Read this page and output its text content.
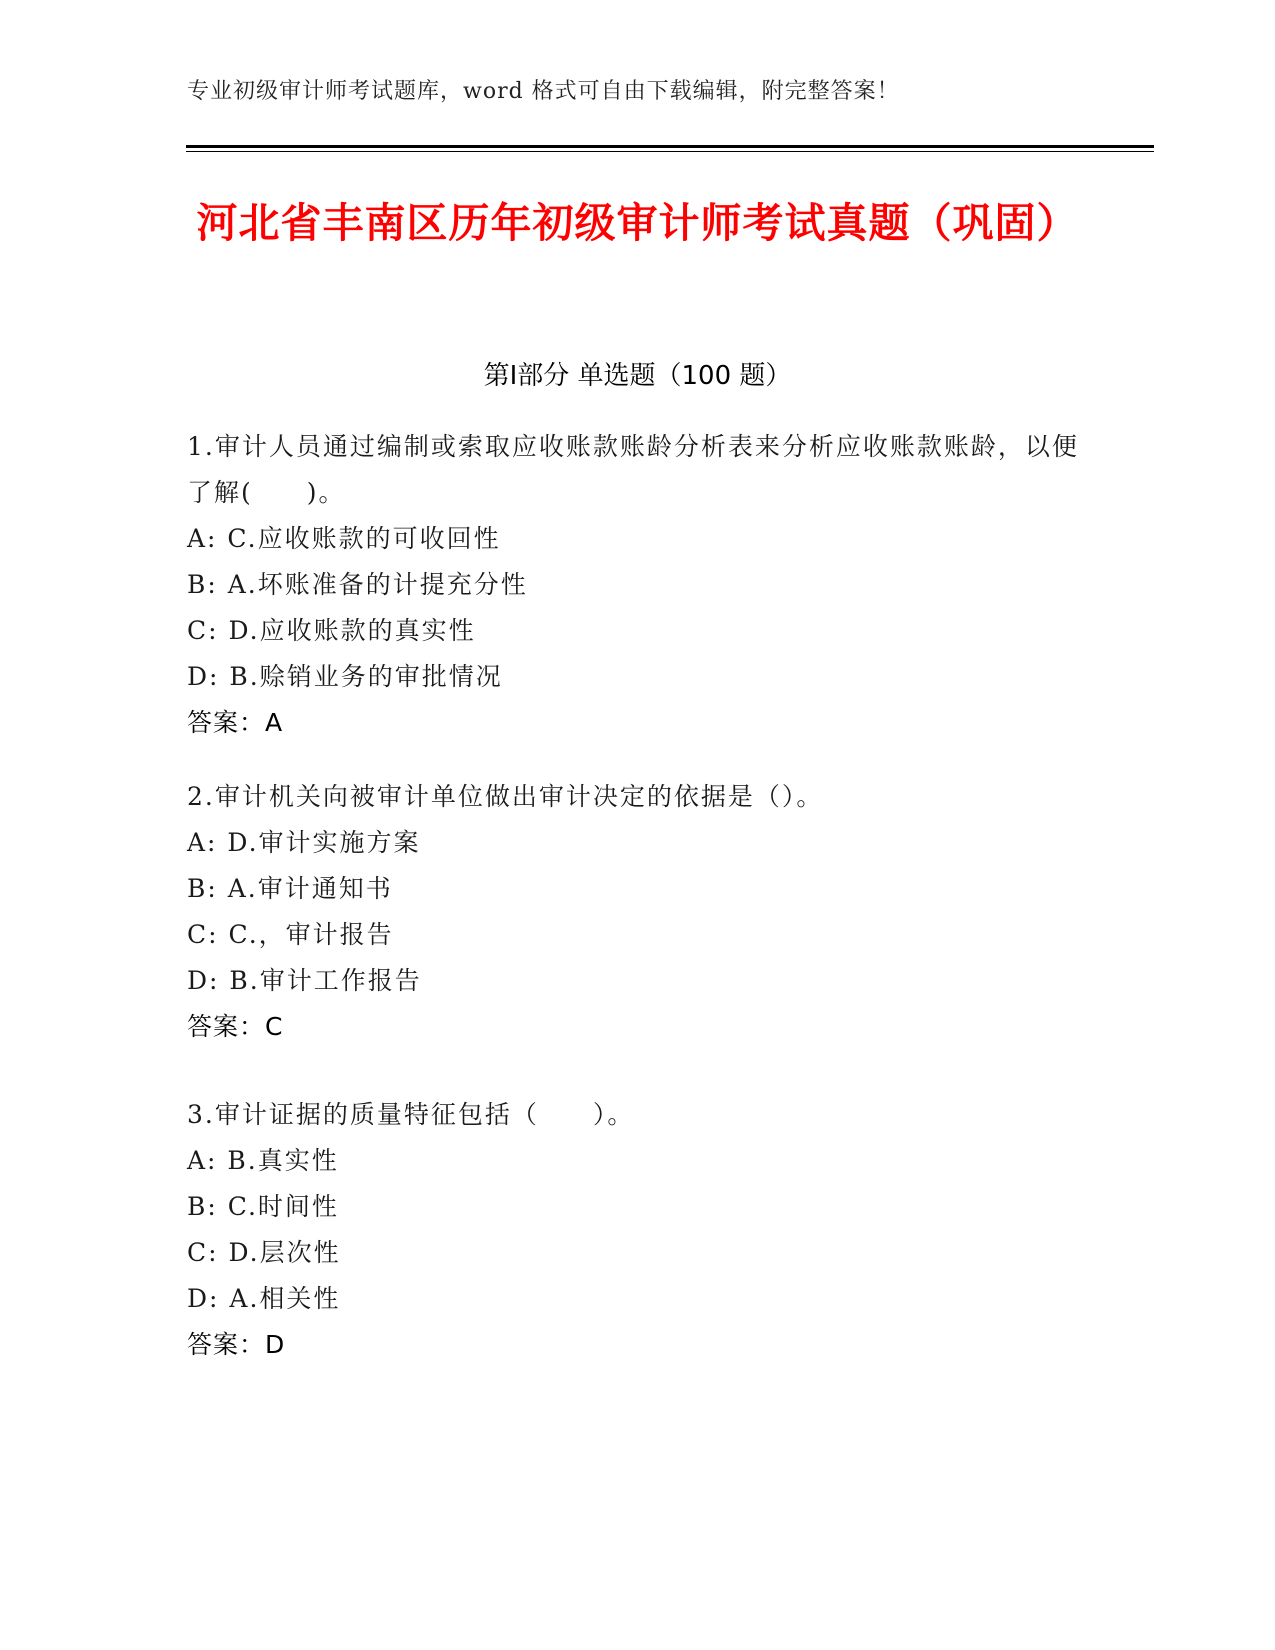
专业初级审计师考试题库，word 格式可自由下载编辑，附完整答案！
河北省丰南区历年初级审计师考试真题（巩固）
第Ⅰ部分 单选题（100 题）
1.审计人员通过编制或索取应收账款账龄分析表来分析应收账款账龄，以便了解(　　)。
A: C.应收账款的可收回性
B: A.坏账准备的计提充分性
C: D.应收账款的真实性
D: B.赊销业务的审批情况
答案：A
2.审计机关向被审计单位做出审计决定的依据是（）。
A: D.审计实施方案
B: A.审计通知书
C: C.，审计报告
D: B.审计工作报告
答案：C
3.审计证据的质量特征包括（　　）。
A: B.真实性
B: C.时间性
C: D.层次性
D: A.相关性
答案：D
